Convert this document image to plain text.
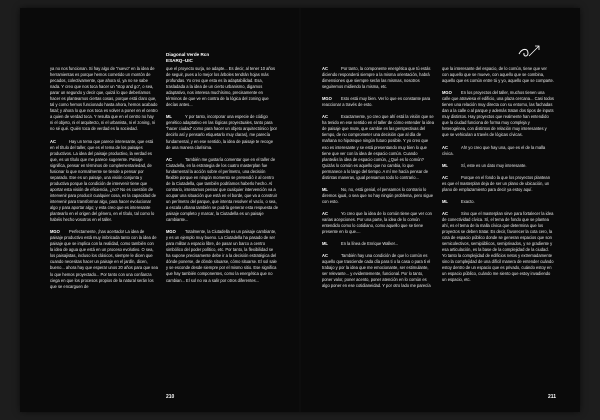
ya no nos funcionan. Si hay algo de “nuevo” en la idea de herramientas es porque hemos cometido un montón de pecados, colectivamente, que ahora sí, ya no se sabe nada. Y creo que nos toca hacer un “stop and go”, o sea, parar un segundo y decir que, quizá lo que deberíamos hacer es plantearnos ciertas cosas, porque está claro que, tal y como hemos funcionado hasta ahora, hemos acabado fatal; y ahora lo que nos toca es volver a poner en el centro a quien de verdad toca. Y resulta que en el centro no hay ni el objeto, ni el arquitecto, ni el urbanista, ni el zoning, ni no sé qué. Quién toca de verdad es la sociedad.

AC	Hay un tema que parece interesante, que está en el título del taller, que es el tema de los paisajes productivos. La idea del paisaje productivo, la verdad es que, es un título que me parece sugerente. Paisaje significa, pensar en términos de complementariedad, de fusionar lo que normalmente se tiende a pensar por separado. Ese es un paisaje, una visión conjunta y productiva porque la condición de intervenir tiene que aportar esta visión de eficiencia, ¿no? No es cuestión de intervenir para producir cualquier cosa, es la capacidad de intervenir para transformar algo, para hacer evolucionar algo y para aportar algo; y esta creo que es interesante plantearlo en el origen del género, en el título, tal como lo habéis hecho vosotros en el taller.

MGO Perfectamente, ¡has acertado! La idea de paisaje productivo está muy imbricada tanto con la idea de paisaje que se implica con la realidad, como también con la idea de agua que está en un proceso evolutivo. O sea, los paisajistas, incluso los clásicos, siempre le dicen que cuando necesitas hacer un paisaje en el jardín, dicen, bueno... ahora hay que esperar unos 20 años para que sea lo que hemos proyectado... Por tanto con una confianza ciega en que los procesos propios de la natural serán los que se encarguen de

que el proyecto surja, se adapte... Es decir, al tener 10 años de seguir, pues a lo mejor los árboles tendrán hojas más profundas. Yo creo que esta es la adaptabilidad. Esa, trasladada a la idea de un cierto urbanismo, digamos adaptativo, nos interesa muchísimo, precisamente en términos de que ve en contra de la lógica del zoning que decías antes...

ML	Y por tanto, incorporar una especie de código genético adaptativo en las lógicas proyectuales, tanto para “hacer ciudad” como para hacer un objeto arquitectónico (por decirlo así y pensarlo etiquetarlo muy claras), me parecía fundamental, y en ese sentido, la idea de paisaje te recoge de una manera clarísima.

AC	También me gustaría comentar que en el taller de Ciutadella, en la estrategia de los cuatro masterplan fue fundamental la acción sobre el perímetro, una decisión flexible porque en ningún momento se pretendió ir al centro de la Ciutadella, que también podríamos haberlo hecho. Al contrario, intentamos pensar que cualquier intervención va a ocupar una situación que está en el borde, que va a construir un perímetro del parque, que intenta resolver el vacío, o sea, a escala urbana también se podría generar esta respuesta de paisaje completo y marcar, la Ciutadella es un paisaje cambiante...

MGO Totalmente, la Ciutadella es un paisaje cambiante, y es un ejemplo muy bueno. La Ciutadella ha pasado de ser para militar a espacio libre, de pasar un barco a centro simbólico del poder político, etc. Por tanto, la flexibilidad se ha supone precisamente debe ir a la decisión estratégica del dónde ponerse, de dónde situarse, cómo situarse. El sol sale y se esconde desde siempre por el mismo sitio. Ese significa que hay también componentes, como la energética que no cambian... El sol no va a salir por otros diferentes...

Diagonal Verde Rcn
ESARQ–UIC
210

AC	Por tanto, la componente energética que tú estás diciendo responderá siempre a la misma orientación, habrá dimensiones que siempre serán las mismas, nosotros seguiremos midiendo la misma, etc.

MGO Esto está muy bien. Ver lo que es constante para reaccionar a través de esto.

AC	Exactamente, yo creo que ahí está la visión que se ha tenido en ese sentido en el taller de cómo entender la idea de paisaje que mute, que cambie en las perspectivas del tiempo, de no comprometer una decisión que al día de mañana no hipoteque ningún futuro posible. Y yo creo que eso es interesante y se está presentando muy bien lo que tiene que ver con la idea de espacio común. Cuando planteáis la idea de espacio común, ¿Qué es lo común? Quizás lo común es aquello que no cambia, lo que permanece a lo largo del tiempo. A mí me hacía pensar de distintas maneras, igual pensamos todo lo contrario...

ML	No, no, está genial, el pensamos lo contrario lo diremos igual, o sea que no hay ningún problema, pero sigue con esto.

AC	Yo creo que la idea de lo común tiene que ver con varias acepciones. Por una parte, la idea de lo común entendido como lo cotidiano, como aquello que se tiene presente en lo que....

ML	En la línea de Enrique Walker...

AC	También hay una condición de que lo común es aquello que trasciende cada día para ti o la casa o para ti el trabajo y por la idea que me emocionante, ser estimulante, ser relevante... y evidentemente, funcional. Por lo tanto, poner valor, poner acento, poner atención en lo común es algo poner en ese cotidianeidad. Y por otro lado me parecía

que la interesante del espacio, de lo común, tiene que ver con aquello que se mueve, con aquello que se combina, aquello que es común entre tú y yo, aquello que se comparte.

MGO En los proyectos del taller, muchos tienen una calle que atraviesa el edificio, una plaza cercana... Casi todos tienen una relación muy directa con su entorno, las fachadas dan a la calle o al parque y además tratan dos tipos de inputs muy distintos. Hay proyectos que realmente han entendido que la ciudad funciona de forma muy compleja y heterogénea, con distintos de relación muy interesantes y que se vehiculan a través de lógicas cívicas.

AC	Ah! yo creo que hay una, que es el de la malla cívica.

ML	Sí, este es un dato muy interesante.

AC	Porque en el fondo la que los proyectos plantean es que el masterplan deja de ser un plano de ubicación, un plano de emplazamiento para decir ya estoy aquí.

ML	Exacto.

AC	Sino que el masterplan sirve para fortalecer la idea de conectividad cívica. Sí, el tema de fondo que se plantea ahí, es el tema de la malla cívica que determina que los proyectos se deben tratar. Es decir, favorecer la cota cero, la cota de espacio público donde se generan espacios que son semicolectivos, semipúblicos, semiprivados, y se gradiente y esa articulación, es la base de la complejidad de la ciudad. Yo tanto la complejidad de edificios netos y extremadamente sino la complejidad de una difícil manera de entender cuándo estoy dentro de un espacio que es privado, cuándo estoy en un espacio público, cuándo me siento que estoy invadiendo un espacio, etc.

211
